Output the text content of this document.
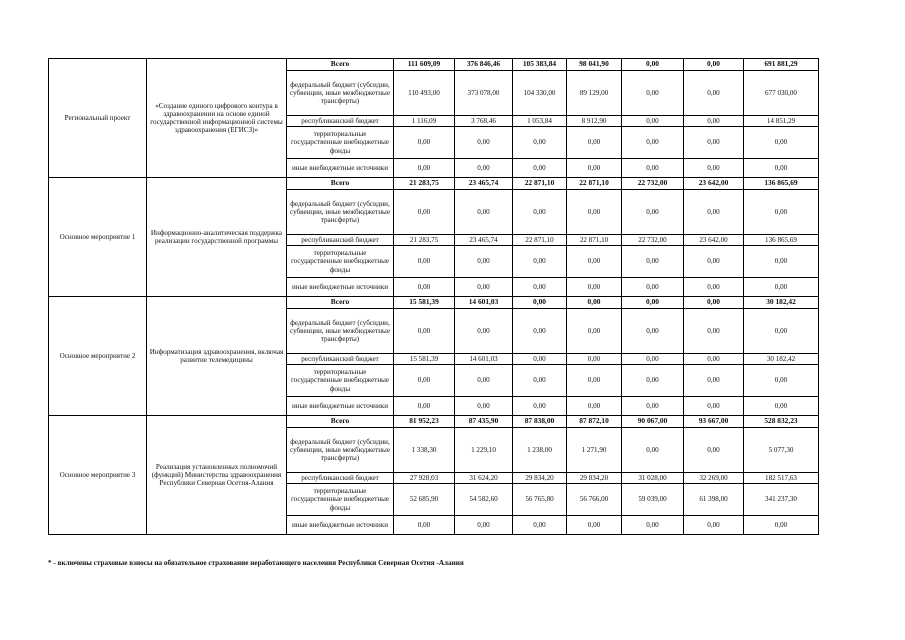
Региональный проект	«Создание единого цифрового контура в здравоохранении на основе единой государственной информационной системы здравоохранения (ЕГИСЗ)»	Всего	111 609,09	376 846,46	105 383,84	98 041,90	0,00	0,00	691 881,29
		федеральный бюджет (субсидии, субвенции, иные межбюджетные трансферты)	110 493,00	373 078,00	104 330,00	89 129,00	0,00	0,00	677 030,00
		республиканский бюджет	1 116,09	3 768,46	1 053,84	8 912,90	0,00	0,00	14 851,29
		территориальные государственные внебюджетные фонды	0,00	0,00	0,00	0,00	0,00	0,00	0,00
		иные внебюджетные источники	0,00	0,00	0,00	0,00	0,00	0,00	0,00
Основное мероприятие 1	Информационно-аналитическая поддержка реализации государственной программы	Всего	21 283,75	23 465,74	22 871,10	22 871,10	22 732,00	23 642,00	136 865,69
		федеральный бюджет (субсидии, субвенции, иные межбюджетные трансферты)	0,00	0,00	0,00	0,00	0,00	0,00	0,00
		республиканский бюджет	21 283,75	23 465,74	22 871,10	22 871,10	22 732,00	23 642,00	136 865,69
		территориальные государственные внебюджетные фонды	0,00	0,00	0,00	0,00	0,00	0,00	0,00
		иные внебюджетные источники	0,00	0,00	0,00	0,00	0,00	0,00	0,00
Основное мероприятие 2	Информатизация здравоохранения, включая развитие телемедицины	Всего	15 581,39	14 601,03	0,00	0,00	0,00	0,00	30 182,42
		федеральный бюджет (субсидии, субвенции, иные межбюджетные трансферты)	0,00	0,00	0,00	0,00	0,00	0,00	0,00
		республиканский бюджет	15 581,39	14 601,03	0,00	0,00	0,00	0,00	30 182,42
		территориальные государственные внебюджетные фонды	0,00	0,00	0,00	0,00	0,00	0,00	0,00
		иные внебюджетные источники	0,00	0,00	0,00	0,00	0,00	0,00	0,00
Основное мероприятие 3	Реализация установленных полномочий (функций) Министерства здравоохранения Республики Северная Осетия-Алания	Всего	81 952,23	87 435,90	87 838,00	87 872,10	90 067,00	93 667,00	528 832,23
		федеральный бюджет (субсидии, субвенции, иные межбюджетные трансферты)	1 338,30	1 229,10	1 238,00	1 271,90	0,00	0,00	5 077,30
		республиканский бюджет	27 928,03	31 624,20	29 834,20	29 834,20	31 028,00	32 269,00	182 517,63
		территориальные государственные внебюджетные фонды	52 685,90	54 582,60	56 765,80	56 766,00	59 039,00	61 398,00	341 237,30
		иные внебюджетные источники	0,00	0,00	0,00	0,00	0,00	0,00	0,00
* - включены страховые взносы на обязательное страхование неработающего населения Республики Северная Осетия -Алания
